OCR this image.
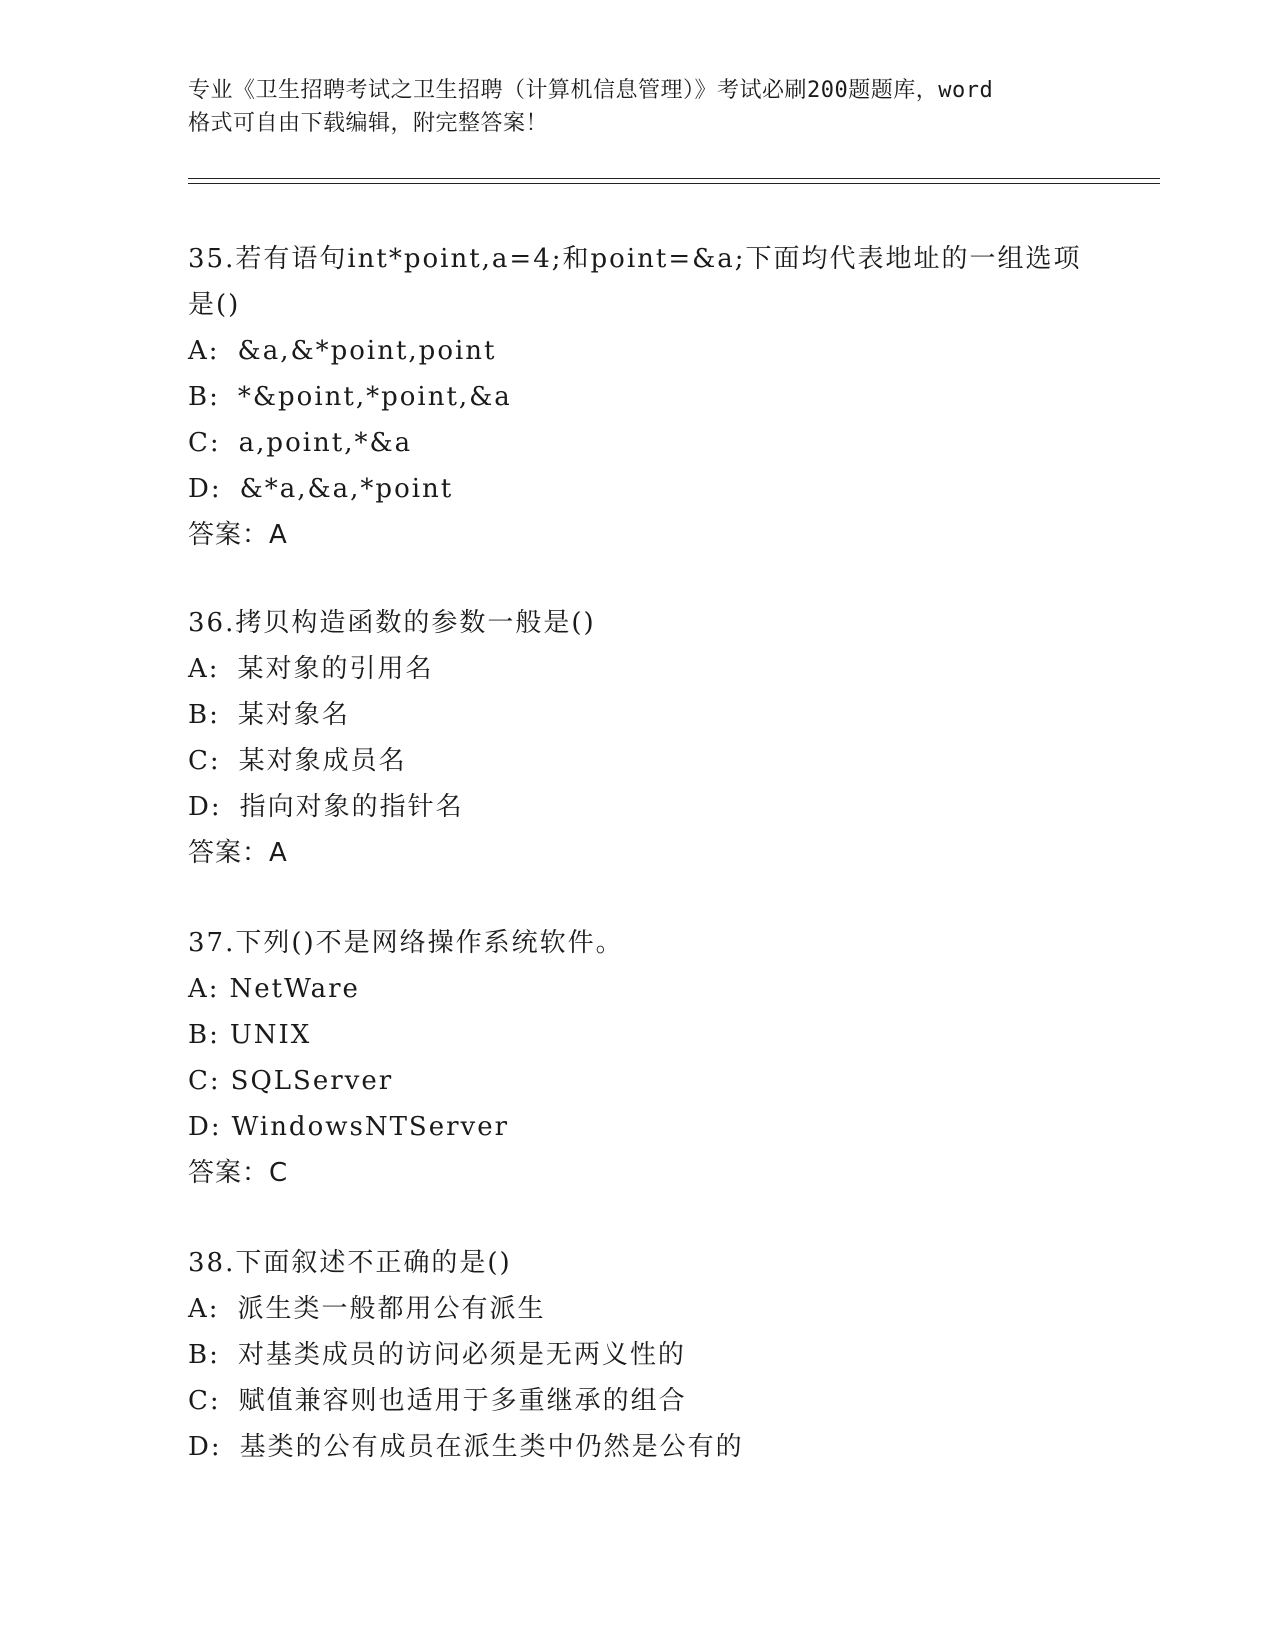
专业《卫生招聘考试之卫生招聘（计算机信息管理）》考试必刷200题题库，word
格式可自由下载编辑，附完整答案！

35.若有语句int*point,a=4;和point=&a;下面均代表地址的一组选项

是()

A: &a,&*point,point

B: *&point,*point,&a

C: a,point,*&a

D: &*a,&a,*point

答案：A

36.拷贝构造函数的参数一般是()

A: 某对象的引用名

B: 某对象名

C: 某对象成员名

D: 指向对象的指针名

答案：A

37.下列()不是网络操作系统软件。

A: NetWare

B: UNIX

C: SQLServer

D: WindowsNTServer

答案：C

38.下面叙述不正确的是()

A: 派生类一般都用公有派生

B: 对基类成员的访问必须是无两义性的

C: 赋值兼容则也适用于多重继承的组合

D: 基类的公有成员在派生类中仍然是公有的
